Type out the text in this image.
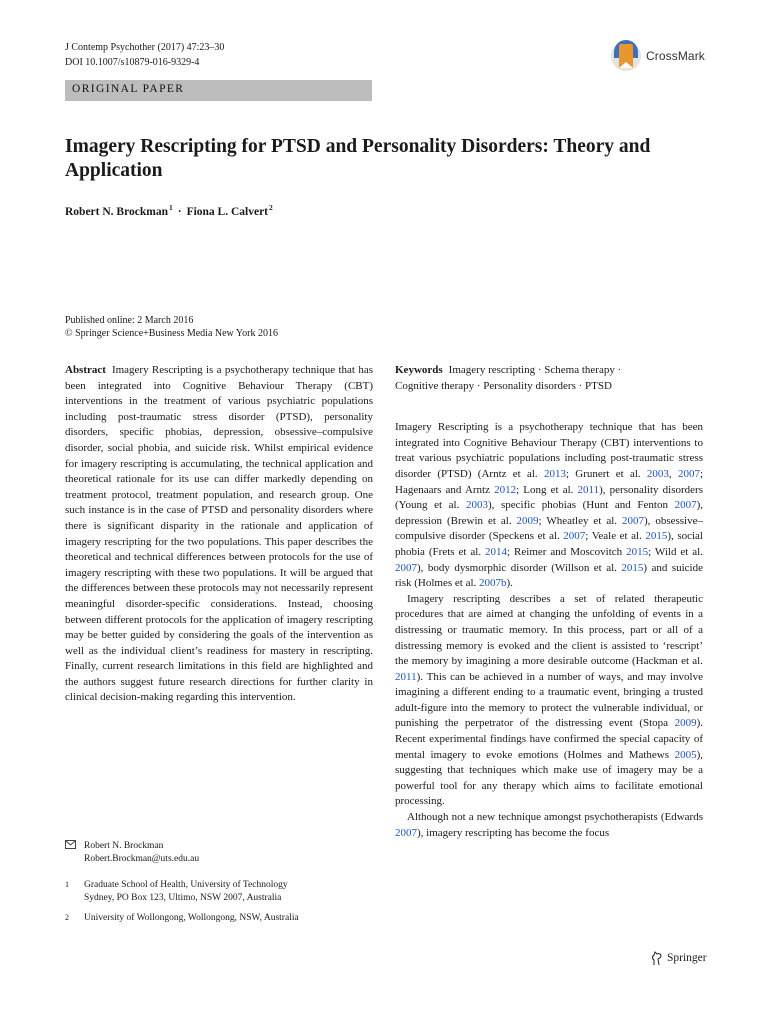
J Contemp Psychother (2017) 47:23–30
DOI 10.1007/s10879-016-9329-4	CrossMark
ORIGINAL PAPER
Imagery Rescripting for PTSD and Personality Disorders: Theory and Application
Robert N. Brockman$^1$ · Fiona L. Calvert$^2$
Published online: 2 March 2016
© Springer Science+Business Media New York 2016

Abstract Imagery Rescripting is a psychotherapy technique that has been integrated into Cognitive Behaviour Therapy (CBT) interventions in the treatment of various psychiatric populations including post-traumatic stress disorder (PTSD), personality disorders, specific phobias, depression, obsessive–compulsive disorder, social phobia, and suicide risk. Whilst empirical evidence for imagery rescripting is accumulating, the technical application and theoretical rationale for its use can differ markedly depending on treatment protocol, treatment population, and research group. One such instance is in the case of PTSD and personality disorders where there is significant disparity in the rationale and application of imagery rescripting for the two populations. This paper describes the theoretical and technical differences between protocols for the use of imagery rescripting with these two populations. It will be argued that the differences between these protocols may not necessarily represent meaningful disorder-specific considerations. Instead, choosing between different protocols for the application of imagery rescripting may be better guided by considering the goals of the intervention as well as the individual client’s readiness for mastery in rescripting. Finally, current research limitations in this field are highlighted and the authors suggest future research directions for further clarity in clinical decision-making regarding this intervention.

Keywords Imagery rescripting · Schema therapy ·

Cognitive therapy · Personality disorders · PTSD

Imagery Rescripting is a psychotherapy technique that has been integrated into Cognitive Behaviour Therapy (CBT) interventions to treat various psychiatric populations including post-traumatic stress disorder (PTSD) (Arntz et al. 2013; Grunert et al. 2003, 2007; Hagenaars and Arntz 2012; Long et al. 2011), personality disorders (Young et al. 2003), specific phobias (Hunt and Fenton 2007), depression (Brewin et al. 2009; Wheatley et al. 2007), obsessive–compulsive disorder (Speckens et al. 2007; Veale et al. 2015), social phobia (Frets et al. 2014; Reimer and Moscovitch 2015; Wild et al. 2007), body dysmorphic disorder (Willson et al. 2015) and suicide risk (Holmes et al. 2007b).

Imagery rescripting describes a set of related therapeutic procedures that are aimed at changing the unfolding of events in a distressing or traumatic memory. In this process, part or all of a distressing memory is evoked and the client is assisted to ‘rescript’ the memory by imagining a more desirable outcome (Hackman et al. 2011). This can be achieved in a number of ways, and may involve imagining a different ending to a traumatic event, bringing a trusted adult-figure into the memory to protect the vulnerable individual, or punishing the perpetrator of the distressing event (Stopa 2009). Recent experimental findings have confirmed the special capacity of mental imagery to evoke emotions (Holmes and Mathews 2005), suggesting that techniques which make use of imagery may be a powerful tool for any therapy which aims to facilitate emotional processing.

Although not a new technique amongst psychotherapists (Edwards 2007), imagery rescripting has become the focus

Robert N. Brockman
Robert.Brockman@uts.edu.au
1	Graduate School of Health, University of Technology
Sydney, PO Box 123, Ultimo, NSW 2007, Australia
2	University of Wollongong, Wollongong, NSW, Australia
Springer
